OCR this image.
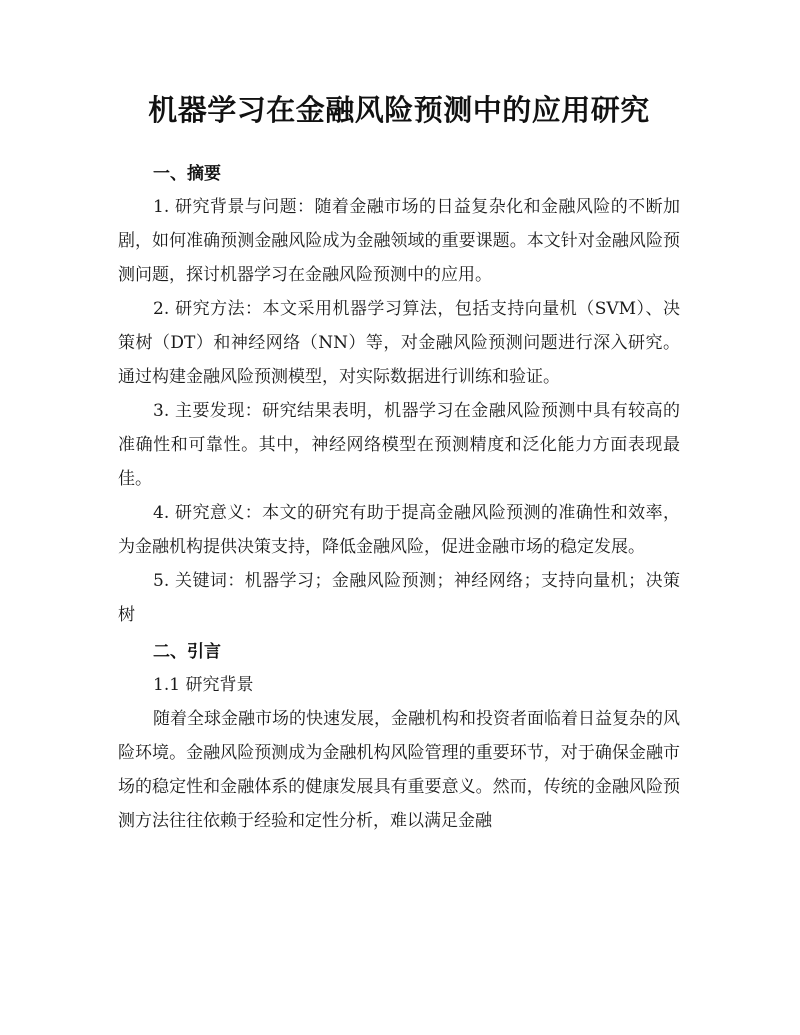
机器学习在金融风险预测中的应用研究
一、摘要

1. 研究背景与问题：随着金融市场的日益复杂化和金融风险的不断加剧，如何准确预测金融风险成为金融领域的重要课题。本文针对金融风险预测问题，探讨机器学习在金融风险预测中的应用。

2. 研究方法：本文采用机器学习算法，包括支持向量机（SVM）、决策树（DT）和神经网络（NN）等，对金融风险预测问题进行深入研究。通过构建金融风险预测模型，对实际数据进行训练和验证。

3. 主要发现：研究结果表明，机器学习在金融风险预测中具有较高的准确性和可靠性。其中，神经网络模型在预测精度和泛化能力方面表现最佳。

4. 研究意义：本文的研究有助于提高金融风险预测的准确性和效率，为金融机构提供决策支持，降低金融风险，促进金融市场的稳定发展。

5. 关键词：机器学习；金融风险预测；神经网络；支持向量机；决策树

二、引言

1.1 研究背景

随着全球金融市场的快速发展，金融机构和投资者面临着日益复杂的风险环境。金融风险预测成为金融机构风险管理的重要环节，对于确保金融市场的稳定性和金融体系的健康发展具有重要意义。然而，传统的金融风险预测方法往往依赖于经验和定性分析，难以满足金融
